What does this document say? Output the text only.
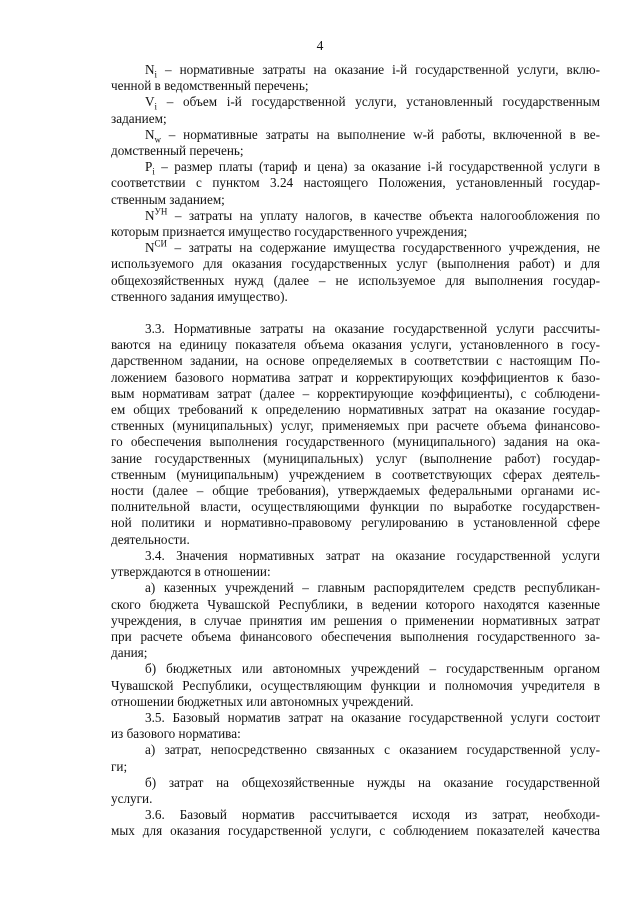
4

$N_i$ – нормативные затраты на оказание i-й государственной услуги, вклю-
ченной в ведомственный перечень;

$V_i$ – объем i-й государственной услуги, установленный государственным
заданием;

$N_w$ – нормативные затраты на выполнение w-й работы, включенной в ве-
домственный перечень;

$P_i$ – размер платы (тариф и цена) за оказание i-й государственной услуги в
соответствии с пунктом 3.24 настоящего Положения, установленный государ-
ственным заданием;

$N^{УН}$ – затраты на уплату налогов, в качестве объекта налогообложения по
которым признается имущество государственного учреждения;

$N^{СИ}$ – затраты на содержание имущества государственного учреждения, не
используемого для оказания государственных услуг (выполнения работ) и для
общехозяйственных нужд (далее – не используемое для выполнения государ-
ственного задания имущество).

3.3. Нормативные затраты на оказание государственной услуги рассчиты-
ваются на единицу показателя объема оказания услуги, установленного в госу-
дарственном задании, на основе определяемых в соответствии с настоящим По-
ложением базового норматива затрат и корректирующих коэффициентов к базо-
вым нормативам затрат (далее – корректирующие коэффициенты), с соблюдени-
ем общих требований к определению нормативных затрат на оказание государ-
ственных (муниципальных) услуг, применяемых при расчете объема финансово-
го обеспечения выполнения государственного (муниципального) задания на ока-
зание государственных (муниципальных) услуг (выполнение работ) государ-
ственным (муниципальным) учреждением в соответствующих сферах деятель-
ности (далее – общие требования), утверждаемых федеральными органами ис-
полнительной власти, осуществляющими функции по выработке государствен-
ной политики и нормативно-правовому регулированию в установленной сфере
деятельности.

3.4. Значения нормативных затрат на оказание государственной услуги
утверждаются в отношении:

а) казенных учреждений – главным распорядителем средств республикан-
ского бюджета Чувашской Республики, в ведении которого находятся казенные
учреждения, в случае принятия им решения о применении нормативных затрат
при расчете объема финансового обеспечения выполнения государственного за-
дания;

б) бюджетных или автономных учреждений – государственным органом
Чувашской Республики, осуществляющим функции и полномочия учредителя в
отношении бюджетных или автономных учреждений.

3.5. Базовый норматив затрат на оказание государственной услуги состоит
из базового норматива:

а) затрат, непосредственно связанных с оказанием государственной услу-
ги;

б) затрат на общехозяйственные нужды на оказание государственной
услуги.

3.6. Базовый норматив рассчитывается исходя из затрат, необходи-
мых для оказания государственной услуги, с соблюдением показателей качества
